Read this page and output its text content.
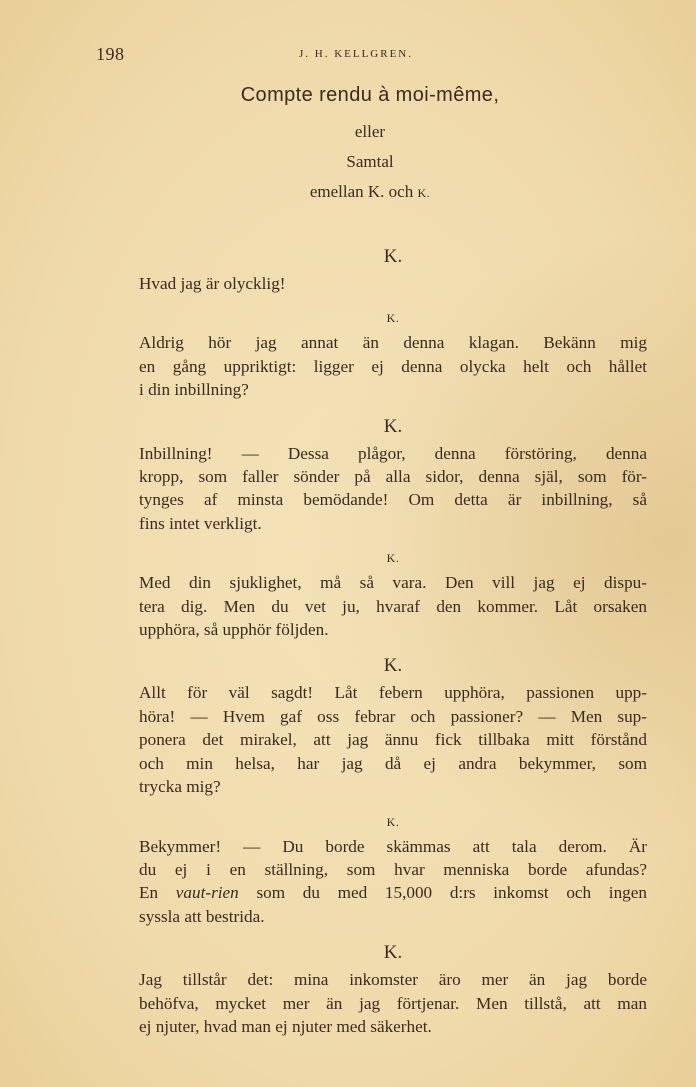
198	J. H. KELLGREN.
Compte rendu à moi-même,
eller
Samtal
emellan K. och K.
K.

Hvad jag är olycklig!

K.

Aldrig hör jag annat än denna klagan. Bekänn mig
en gång uppriktigt: ligger ej denna olycka helt och hållet
i din inbillning?

K.

Inbillning! — Dessa plågor, denna förstöring, denna
kropp, som faller sönder på alla sidor, denna själ, som för-
tynges af minsta bemödande! Om detta är inbillning, så
fins intet verkligt.

K.

Med din sjuklighet, må så vara. Den vill jag ej dispu-
tera dig. Men du vet ju, hvaraf den kommer. Låt orsaken
upphöra, så upphör följden.

K.

Allt för väl sagdt! Låt febern upphöra, passionen upp-
höra! — Hvem gaf oss febrar och passioner? — Men sup-
ponera det mirakel, att jag ännu fick tillbaka mitt förstånd
och min helsa, har jag då ej andra bekymmer, som
trycka mig?

K.

Bekymmer! — Du borde skämmas att tala derom. Är
du ej i en ställning, som hvar menniska borde afundas?
En vaut-rien som du med 15,000 d:rs inkomst och ingen
syssla att bestrida.

K.

Jag tillstår det: mina inkomster äro mer än jag borde
behöfva, mycket mer än jag förtjenar. Men tillstå, att man
ej njuter, hvad man ej njuter med säkerhet.
